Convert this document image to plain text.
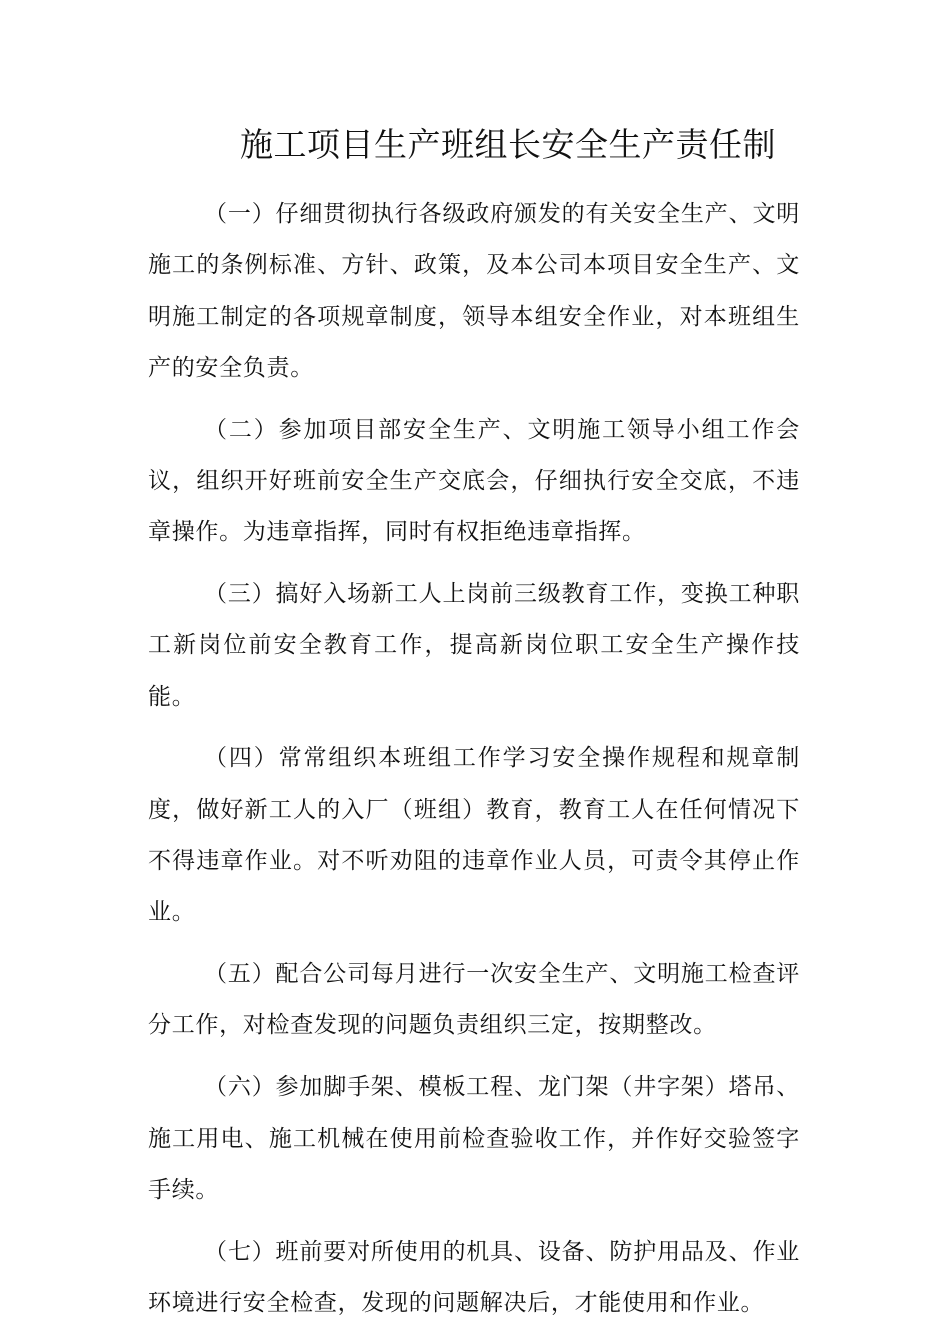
施工项目生产班组长安全生产责任制

（一）仔细贯彻执行各级政府颁发的有关安全生产、文明施工的条例标准、方针、政策，及本公司本项目安全生产、文明施工制定的各项规章制度，领导本组安全作业，对本班组生产的安全负责。

（二）参加项目部安全生产、文明施工领导小组工作会议，组织开好班前安全生产交底会，仔细执行安全交底，不违章操作。为违章指挥，同时有权拒绝违章指挥。

（三）搞好入场新工人上岗前三级教育工作，变换工种职工新岗位前安全教育工作，提高新岗位职工安全生产操作技能。

（四）常常组织本班组工作学习安全操作规程和规章制度，做好新工人的入厂（班组）教育，教育工人在任何情况下不得违章作业。对不听劝阻的违章作业人员，可责令其停止作业。

（五）配合公司每月进行一次安全生产、文明施工检查评分工作，对检查发现的问题负责组织三定，按期整改。

（六）参加脚手架、模板工程、龙门架（井字架）塔吊、施工用电、施工机械在使用前检查验收工作，并作好交验签字手续。

（七）班前要对所使用的机具、设备、防护用品及、作业环境进行安全检查，发现的问题解决后，才能使用和作业。
